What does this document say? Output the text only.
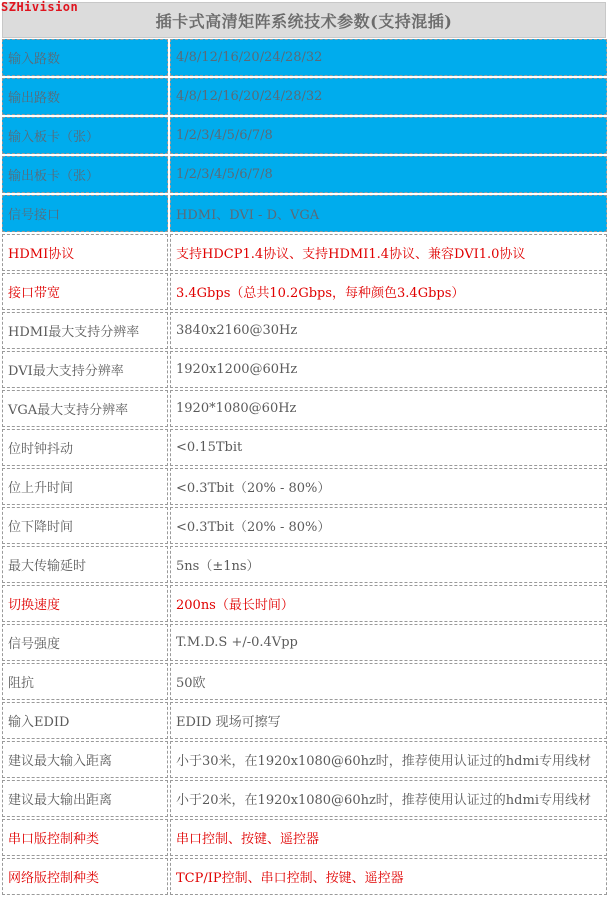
SZHivision
插卡式高清矩阵系统技术参数(支持混插)
输入路数	4/8/12/16/20/24/28/32
输出路数	4/8/12/16/20/24/28/32
输入板卡（张）	1/2/3/4/5/6/7/8
输出板卡（张）	1/2/3/4/5/6/7/8
信号接口	HDMI、DVI - D、VGA
HDMI协议	支持HDCP1.4协议、支持HDMI1.4协议、兼容DVI1.0协议
接口带宽	3.4Gbps（总共10.2Gbps，每种颜色3.4Gbps）
HDMI最大支持分辨率	3840x2160@30Hz
DVI最大支持分辨率	1920x1200@60Hz
VGA最大支持分辨率	1920*1080@60Hz
位时钟抖动	<0.15Tbit
位上升时间	<0.3Tbit（20% - 80%）
位下降时间	<0.3Tbit（20% - 80%）
最大传输延时	5ns（±1ns）
切换速度	200ns（最长时间）
信号强度	T.M.D.S +/-0.4Vpp
阻抗	50欧
输入EDID	EDID 现场可擦写
建议最大输入距离	小于30米，在1920x1080@60hz时，推荐使用认证过的hdmi专用线材
建议最大输出距离	小于20米，在1920x1080@60hz时，推荐使用认证过的hdmi专用线材
串口版控制种类	串口控制、按键、遥控器
网络版控制种类	TCP/IP控制、串口控制、按键、遥控器
